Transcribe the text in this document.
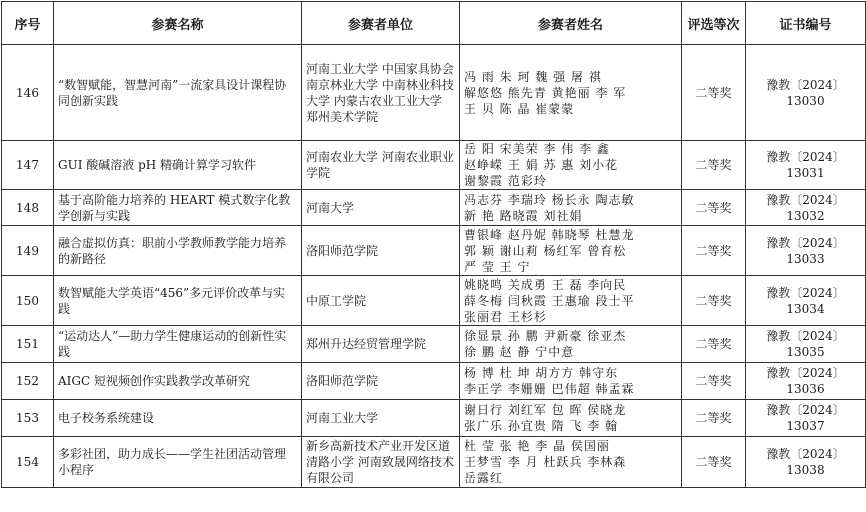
序号	参赛名称	参赛者单位	参赛者姓名	评选等次	证书编号
146	“数智赋能，智慧河南”一流家具设计课程协同创新实践	河南工业大学 中国家具协会 南京林业大学 中南林业科技大学 内蒙古农业工业大学 郑州美术学院	冯 雨 朱 珂 魏 强 屠 祺
解悠悠 熊先青 黄艳丽 李 军
王 贝 陈 晶 崔蒙蒙	二等奖	豫教〔2024〕13030
147	GUI 酸碱溶液 pH 精确计算学习软件	河南农业大学 河南农业职业学院	岳 阳 宋美荣 李 伟 李 鑫
赵峥嵘 王 娟 苏 惠 刘小花
谢黎霞 范彩玲	二等奖	豫教〔2024〕13031
148	基于高阶能力培养的 HEART 模式数字化教学创新与实践	河南大学	冯志芬 李瑞玲 杨长永 陶志敏
新 艳 路晓霞 刘社娟	二等奖	豫教〔2024〕13032
149	融合虚拟仿真：职前小学教师教学能力培养的新路径	洛阳师范学院	曹银峰 赵丹妮 韩晓琴 杜慧龙
郭 颖 谢山莉 杨红军 曾育松
严 莹 王 宁	二等奖	豫教〔2024〕13033
150	数智赋能大学英语“456”多元评价改革与实践	中原工学院	姚晓鸣 关成勇 王 磊 李向民
薛冬梅 闫秋霞 王惠瑜 段士平
张丽君 王杉杉	二等奖	豫教〔2024〕13034
151	“运动达人”—助力学生健康运动的创新性实践	郑州升达经贸管理学院	徐显景 孙 鹏 尹新豪 徐亚杰
徐 鹏 赵 静 宁中意	二等奖	豫教〔2024〕13035
152	AIGC 短视频创作实践教学改革研究	洛阳师范学院	杨 博 杜 坤 胡方方 韩守东
李正学 李姗姗 巴伟超 韩孟霖	二等奖	豫教〔2024〕13036
153	电子校务系统建设	河南工业大学	谢日行 刘红军 包 晖 侯晓龙
张广乐 孙宜贵 隋 飞 李 翰	二等奖	豫教〔2024〕13037
154	多彩社团，助力成长——学生社团活动管理小程序	新乡高新技术产业开发区道清路小学 河南致晟网络技术有限公司	杜 莹 张 艳 李 晶 侯国丽
王梦雪 李 月 杜跃兵 李林森
岳露红	二等奖	豫教〔2024〕13038
